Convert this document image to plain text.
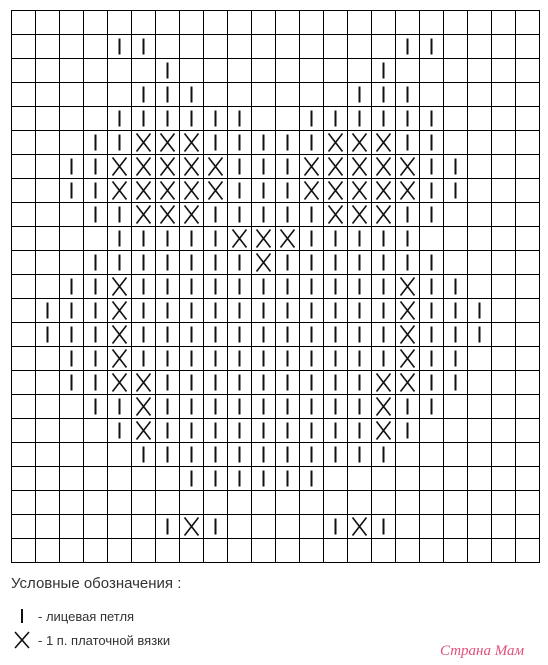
Условные обозначения :
- лицевая петля
- 1 п. платочной вязки
Страна Мам
